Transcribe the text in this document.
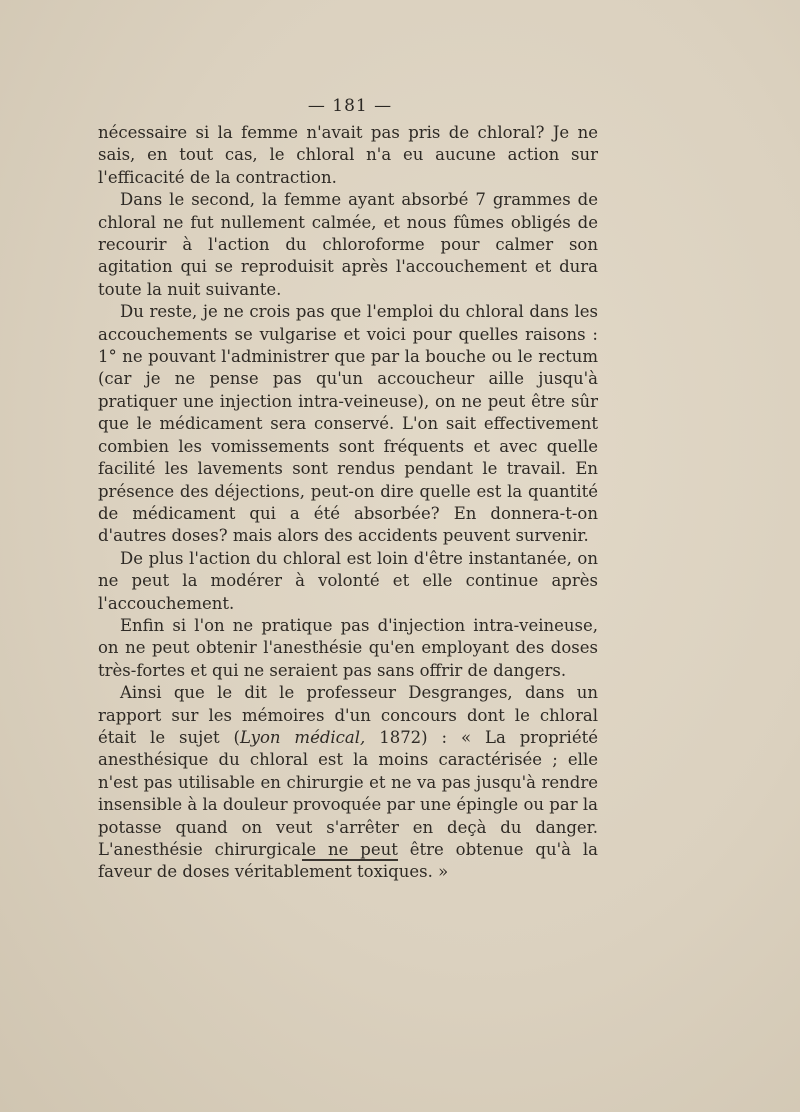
— 181 —

nécessaire si la femme n'avait pas pris de chloral? Je ne sais, en tout cas, le chloral n'a eu aucune action sur l'efficacité de la contraction.

Dans le second, la femme ayant absorbé 7 grammes de chloral ne fut nullement calmée, et nous fûmes obligés de recourir à l'action du chloroforme pour calmer son agitation qui se reproduisit après l'accouchement et dura toute la nuit suivante.

Du reste, je ne crois pas que l'emploi du chloral dans les accouchements se vulgarise et voici pour quelles raisons : 1° ne pouvant l'administrer que par la bouche ou le rectum (car je ne pense pas qu'un accoucheur aille jusqu'à pratiquer une injection intra-veineuse), on ne peut être sûr que le médicament sera conservé. L'on sait effectivement combien les vomissements sont fréquents et avec quelle facilité les lavements sont rendus pendant le travail. En présence des déjections, peut-on dire quelle est la quantité de médicament qui a été absorbée? En donnera-t-on d'autres doses? mais alors des accidents peuvent survenir.

De plus l'action du chloral est loin d'être instantanée, on ne peut la modérer à volonté et elle continue après l'accouchement.

Enfin si l'on ne pratique pas d'injection intra-veineuse, on ne peut obtenir l'anesthésie qu'en employant des doses très-fortes et qui ne seraient pas sans offrir de dangers.

Ainsi que le dit le professeur Desgranges, dans un rapport sur les mémoires d'un concours dont le chloral était le sujet (Lyon médical, 1872) : « La propriété anesthésique du chloral est la moins caractérisée ; elle n'est pas utilisable en chirurgie et ne va pas jusqu'à rendre insensible à la douleur provoquée par une épingle ou par la potasse quand on veut s'arrêter en deçà du danger. L'anesthésie chirurgicale ne peut être obtenue qu'à la faveur de doses véritablement toxiques. »
